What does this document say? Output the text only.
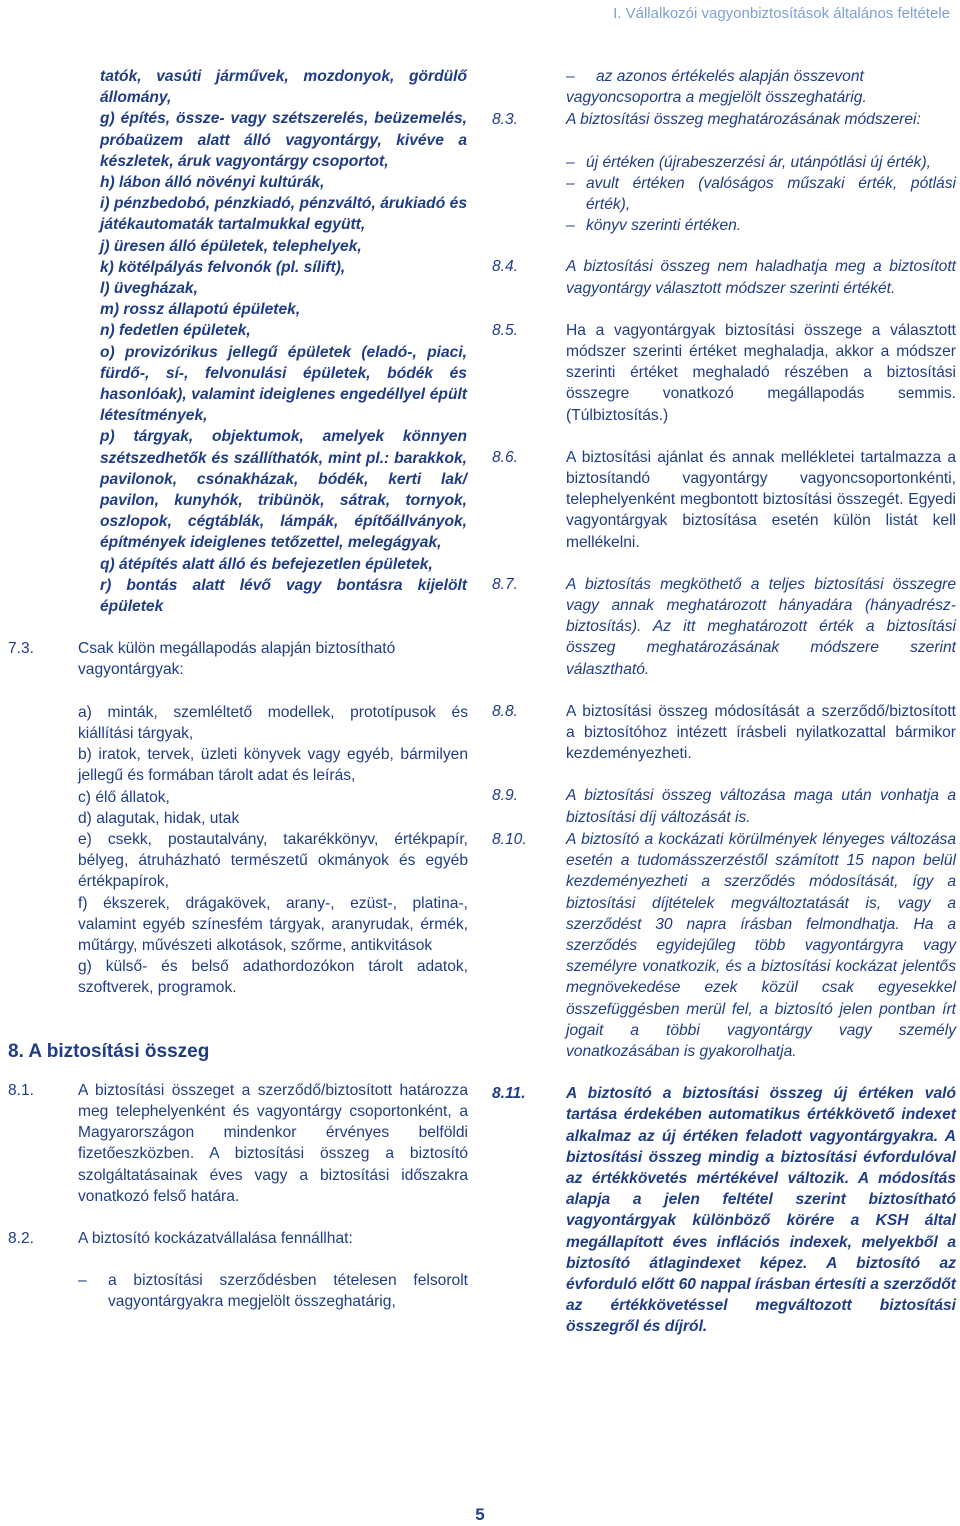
I. Vállalkozói vagyonbiztosítások általános feltétele
tatók, vasúti járművek, mozdonyok, gördülő állomány,
g) építés, össze- vagy szétszerelés, beüzemelés, próbaüzem alatt álló vagyontárgy, kivéve a készletek, áruk vagyontárgy csoportot,
h) lábon álló növényi kultúrák,
i) pénzbedobó, pénzkiadó, pénzváltó, árukiadó és játékautomaták tartalmukkal együtt,
j) üresen álló épületek, telephelyek,
k) kötélpályás felvonók (pl. sílift),
l) üvegházak,
m) rossz állapotú épületek,
n) fedetlen épületek,
o) provizórikus jellegű épületek (eladó-, piaci, fürdő-, sí-, felvonulási épületek, bódék és hasonlóak), valamint ideiglenes engedéllyel épült létesítmények,
p) tárgyak, objektumok, amelyek könnyen szétszedhetők és szállíthatók, mint pl.: barakkok, pavilonok, csónakházak, bódék, kerti lak/ pavilon, kunyhók, tribünök, sátrak, tornyok, oszlopok, cégtáblák, lámpák, építőállványok, építmények ideiglenes tetőzettel, melegágyak,
q) átépítés alatt álló és befejezetlen épületek,
r) bontás alatt lévő vagy bontásra kijelölt épületek
7.3.	Csak külön megállapodás alapján biztosítható vagyontárgyak:
a) minták, szemléltető modellek, prototípusok és kiállítási tárgyak,
b) iratok, tervek, üzleti könyvek vagy egyéb, bármilyen jellegű és formában tárolt adat és leírás,
c) élő állatok,
d) alagutak, hidak, utak
e) csekk, postautalvány, takarékkönyv, értékpapír, bélyeg, átruházható természetű okmányok és egyéb értékpapírok,
f) ékszerek, drágakövek, arany-, ezüst-, platina-, valamint egyéb színesfém tárgyak, aranyrudak, érmék, műtárgy, művészeti alkotások, szőrme, antikvitások
g) külső- és belső adathordozókon tárolt adatok, szoftverek, programok.
8. A biztosítási összeg
8.1.	A biztosítási összeget a szerződő/biztosított határozza meg telephelyenként és vagyontárgy csoportonként, a Magyarországon mindenkor érvényes belföldi fizetőeszközben. A biztosítási összeg a biztosító szolgáltatásainak éves vagy a biztosítási időszakra vonatkozó felső határa.
8.2.	A biztosító kockázatvállalása fennállhat:
–	a biztosítási szerződésben tételesen felsorolt vagyontárgyakra megjelölt összeghatárig,
– az azonos értékelés alapján összevont vagyoncsoportra a megjelölt összeghatárig.
8.3.	A biztosítási összeg meghatározásának módszerei:
– új értéken (újrabeszerzési ár, utánpótlási új érték),
– avult értéken (valóságos műszaki érték, pótlási érték),
– könyv szerinti értéken.
8.4.	A biztosítási összeg nem haladhatja meg a biztosított vagyontárgy választott módszer szerinti értékét.
8.5.	Ha a vagyontárgyak biztosítási összege a választott módszer szerinti értéket meghaladja, akkor a módszer szerinti értéket meghaladó részében a biztosítási összegre vonatkozó megállapodás semmis. (Túlbiztosítás.)
8.6.	A biztosítási ajánlat és annak mellékletei tartalmazza a biztosítandó vagyontárgy vagyoncsoportonkénti, telephelyenként megbontott biztosítási összegét. Egyedi vagyontárgyak biztosítása esetén külön listát kell mellékelni.
8.7.	A biztosítás megköthető a teljes biztosítási összegre vagy annak meghatározott hányadára (hányadrész-biztosítás). Az itt meghatározott érték a biztosítási összeg meghatározásának módszere szerint választható.
8.8.	A biztosítási összeg módosítását a szerződő/biztosított a biztosítóhoz intézett írásbeli nyilatkozattal bármikor kezdeményezheti.
8.9.	A biztosítási összeg változása maga után vonhatja a biztosítási díj változását is.
8.10.	A biztosító a kockázati körülmények lényeges változása esetén a tudomásszerzéstől számított 15 napon belül kezdeményezheti a szerződés módosítását, így a biztosítási díjtételek megváltoztatását is, vagy a szerződést 30 napra írásban felmondhatja. Ha a szerződés egyidejűleg több vagyontárgyra vagy személyre vonatkozik, és a biztosítási kockázat jelentős megnövekedése ezek közül csak egyesekkel összefüggésben merül fel, a biztosító jelen pontban írt jogait a többi vagyontárgy vagy személy vonatkozásában is gyakorolhatja.
8.11.	A biztosító a biztosítási összeg új értéken való tartása érdekében automatikus értékkövető indexet alkalmaz az új értéken feladott vagyontárgyakra. A biztosítási összeg mindig a biztosítási évfordulóval az értékkövetés mértékével változik. A módosítás alapja a jelen feltétel szerint biztosítható vagyontárgyak különböző körére a KSH által megállapított éves inflációs indexek, melyekből a biztosító átlagindexet képez. A biztosító az évforduló előtt 60 nappal írásban értesíti a szerződőt az értékkövetéssel megváltozott biztosítási összegről és díjról.
5
